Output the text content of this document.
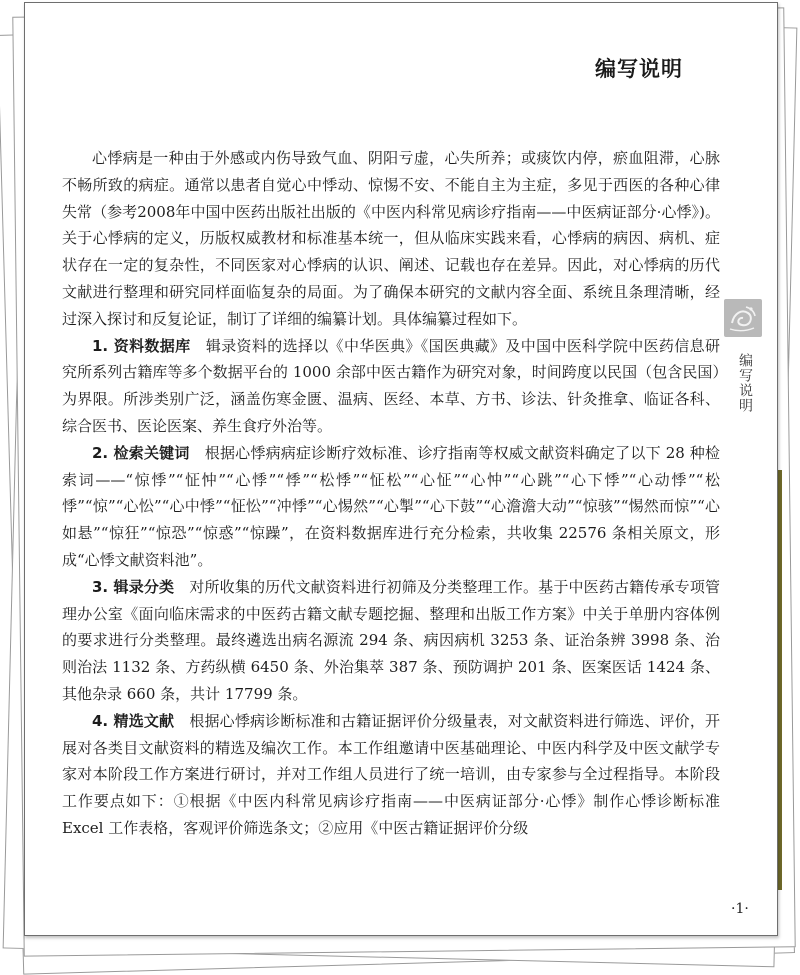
编写说明

心悸病是一种由于外感或内伤导致气血、阴阳亏虚，心失所养；或痰饮内停，瘀血阻滞，心脉不畅所致的病症。通常以患者自觉心中悸动、惊惕不安、不能自主为主症，多见于西医的各种心律失常（参考2008年中国中医药出版社出版的《中医内科常见病诊疗指南——中医病证部分·心悸》)。关于心悸病的定义，历版权威教材和标准基本统一，但从临床实践来看，心悸病的病因、病机、症状存在一定的复杂性，不同医家对心悸病的认识、阐述、记载也存在差异。因此，对心悸病的历代文献进行整理和研究同样面临复杂的局面。为了确保本研究的文献内容全面、系统且条理清晰，经过深入探讨和反复论证，制订了详细的编纂计划。具体编纂过程如下。

1. 资料数据库　辑录资料的选择以《中华医典》《国医典藏》及中国中医科学院中医药信息研究所系列古籍库等多个数据平台的 1000 余部中医古籍作为研究对象，时间跨度以民国（包含民国）为界限。所涉类别广泛，涵盖伤寒金匮、温病、医经、本草、方书、诊法、针灸推拿、临证各科、综合医书、医论医案、养生食疗外治等。

2. 检索关键词　根据心悸病病症诊断疗效标准、诊疗指南等权威文献资料确定了以下 28 种检索词——“惊悸”“怔忡”“心悸”“悸”“松悸”“怔松”“心怔”“心忡”“心跳”“心下悸”“心动悸”“松悸”“惊”“心忪”“心中悸”“怔忪”“冲悸”“心惕然”“心掣”“心下鼓”“心澹澹大动”“惊骇”“惕然而惊”“心如悬”“惊狂”“惊恐”“惊惑”“惊躁”，在资料数据库进行充分检索，共收集 22576 条相关原文，形成“心悸文献资料池”。

3. 辑录分类　对所收集的历代文献资料进行初筛及分类整理工作。基于中医药古籍传承专项管理办公室《面向临床需求的中医药古籍文献专题挖掘、整理和出版工作方案》中关于单册内容体例的要求进行分类整理。最终遴选出病名源流 294 条、病因病机 3253 条、证治条辨 3998 条、治则治法 1132 条、方药纵横 6450 条、外治集萃 387 条、预防调护 201 条、医案医话 1424 条、其他杂录 660 条，共计 17799 条。

4. 精选文献　根据心悸病诊断标准和古籍证据评价分级量表，对文献资料进行筛选、评价，开展对各类目文献资料的精选及编次工作。本工作组邀请中医基础理论、中医内科学及中医文献学专家对本阶段工作方案进行研讨，并对工作组人员进行了统一培训，由专家参与全过程指导。本阶段工作要点如下：①根据《中医内科常见病诊疗指南——中医病证部分·心悸》制作心悸诊断标准 Excel 工作表格，客观评价筛选条文；②应用《中医古籍证据评价分级

编写说明
·1·
